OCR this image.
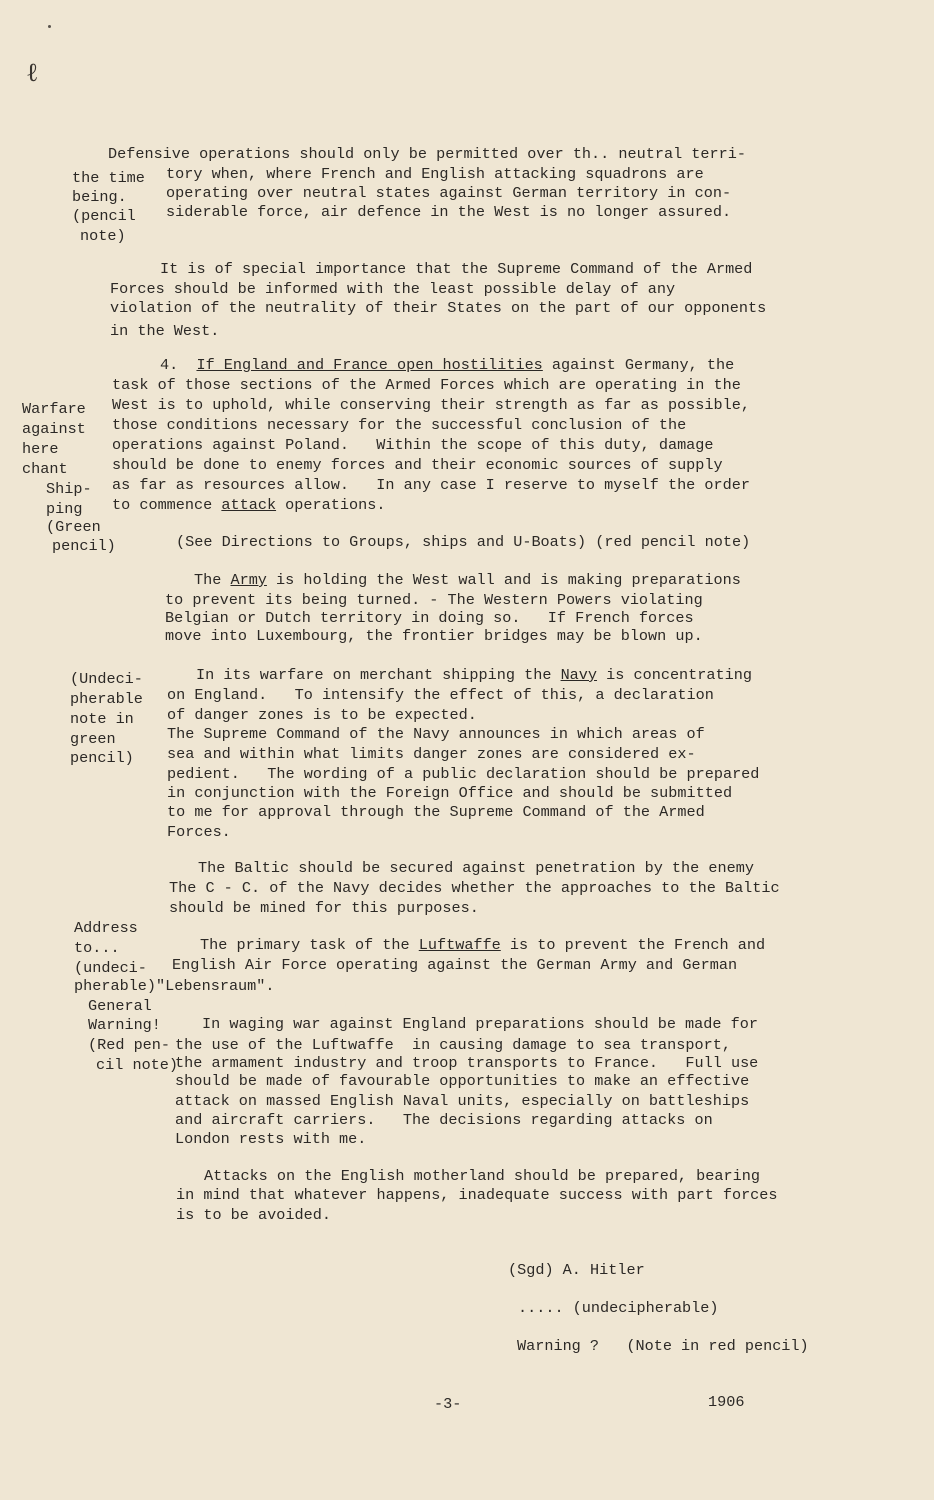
ℓ
Defensive operations should only be permitted over th.. neutral terri-
tory when, where French and English attacking squadrons are
operating over neutral states against German territory in con-
siderable force, air defence in the West is no longer assured.
the time
being.
(pencil
note)
It is of special importance that the Supreme Command of the Armed
Forces should be informed with the least possible delay of any
violation of the neutrality of their States on the part of our opponents
in the West.
4. If England and France open hostilities against Germany, the
task of those sections of the Armed Forces which are operating in the
West is to uphold, while conserving their strength as far as possible,
those conditions necessary for the successful conclusion of the
operations against Poland.   Within the scope of this duty, damage
should be done to enemy forces and their economic sources of supply
as far as resources allow.   In any case I reserve to myself the order
to commence attack operations.
Warfare
against
here
chant
Ship-
ping
(Green
pencil)	(See Directions to Groups, ships and U-Boats) (red pencil note)
The Army is holding the West wall and is making preparations
to prevent its being turned. - The Western Powers violating
Belgian or Dutch territory in doing so.   If French forces
move into Luxembourg, the frontier bridges may be blown up.
In its warfare on merchant shipping the Navy is concentrating
on England.   To intensify the effect of this, a declaration
of danger zones is to be expected.
The Supreme Command of the Navy announces in which areas of
sea and within what limits danger zones are considered ex-
pedient.   The wording of a public declaration should be prepared
in conjunction with the Foreign Office and should be submitted
to me for approval through the Supreme Command of the Armed
Forces.
(Undeci-
pherable
note in
green
pencil)
The Baltic should be secured against penetration by the enemy
The C - C. of the Navy decides whether the approaches to the Baltic
should be mined for this purposes.
Address
to...
(undeci-
pherable)"Lebensraum".
The primary task of the Luftwaffe is to prevent the French and
English Air Force operating against the German Army and German
General
Warning!
(Red pen-
cil note)
In waging war against England preparations should be made for
the use of the Luftwaffe  in causing damage to sea transport,
the armament industry and troop transports to France.   Full use
should be made of favourable opportunities to make an effective
attack on massed English Naval units, especially on battleships
and aircraft carriers.   The decisions regarding attacks on
London rests with me.
Attacks on the English motherland should be prepared, bearing
in mind that whatever happens, inadequate success with part forces
is to be avoided.
(Sgd) A. Hitler
..... (undecipherable)
Warning ?   (Note in red pencil)
-3-	1906
